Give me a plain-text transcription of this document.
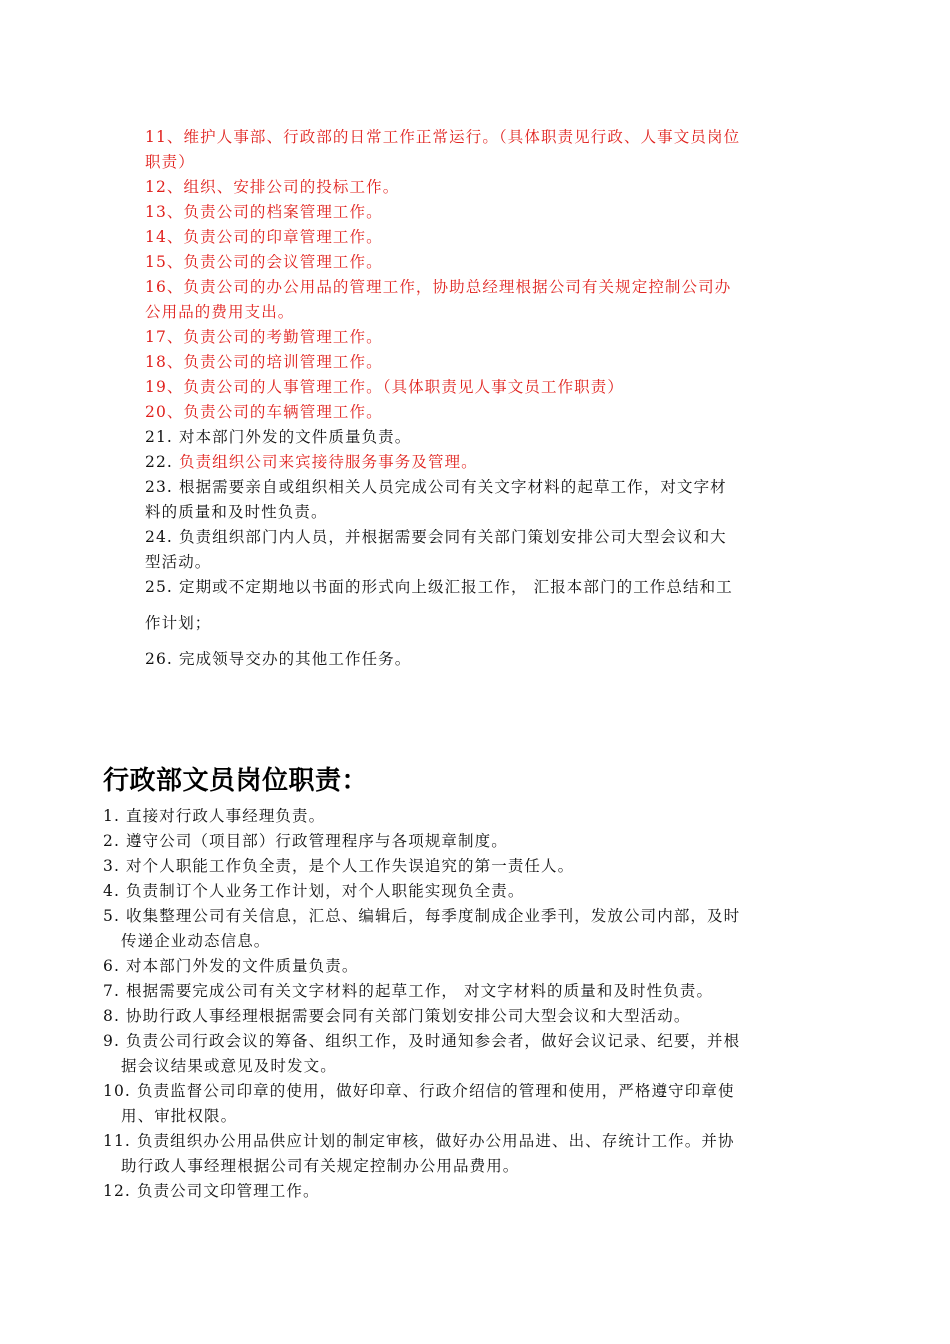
11、维护人事部、行政部的日常工作正常运行。（具体职责见行政、人事文员岗位
职责）
12、组织、安排公司的投标工作。
13、负责公司的档案管理工作。
14、负责公司的印章管理工作。
15、负责公司的会议管理工作。
16、负责公司的办公用品的管理工作，协助总经理根据公司有关规定控制公司办
公用品的费用支出。
17、负责公司的考勤管理工作。
18、负责公司的培训管理工作。
19、负责公司的人事管理工作。（具体职责见人事文员工作职责）
20、负责公司的车辆管理工作。
21. 对本部门外发的文件质量负责。
22. 负责组织公司来宾接待服务事务及管理。
23. 根据需要亲自或组织相关人员完成公司有关文字材料的起草工作，对文字材
料的质量和及时性负责。
24. 负责组织部门内人员，并根据需要会同有关部门策划安排公司大型会议和大
型活动。
25. 定期或不定期地以书面的形式向上级汇报工作， 汇报本部门的工作总结和工
作计划；
26. 完成领导交办的其他工作任务。
行政部文员岗位职责：
1. 直接对行政人事经理负责。
2. 遵守公司（项目部）行政管理程序与各项规章制度。
3. 对个人职能工作负全责，是个人工作失误追究的第一责任人。
4. 负责制订个人业务工作计划，对个人职能实现负全责。
5. 收集整理公司有关信息，汇总、编辑后，每季度制成企业季刊，发放公司内部，及时
传递企业动态信息。
6. 对本部门外发的文件质量负责。
7. 根据需要完成公司有关文字材料的起草工作， 对文字材料的质量和及时性负责。
8. 协助行政人事经理根据需要会同有关部门策划安排公司大型会议和大型活动。
9. 负责公司行政会议的筹备、组织工作，及时通知参会者，做好会议记录、纪要，并根
据会议结果或意见及时发文。
10. 负责监督公司印章的使用，做好印章、行政介绍信的管理和使用，严格遵守印章使
用、审批权限。
11. 负责组织办公用品供应计划的制定审核，做好办公用品进、出、存统计工作。并协
助行政人事经理根据公司有关规定控制办公用品费用。
12. 负责公司文印管理工作。
